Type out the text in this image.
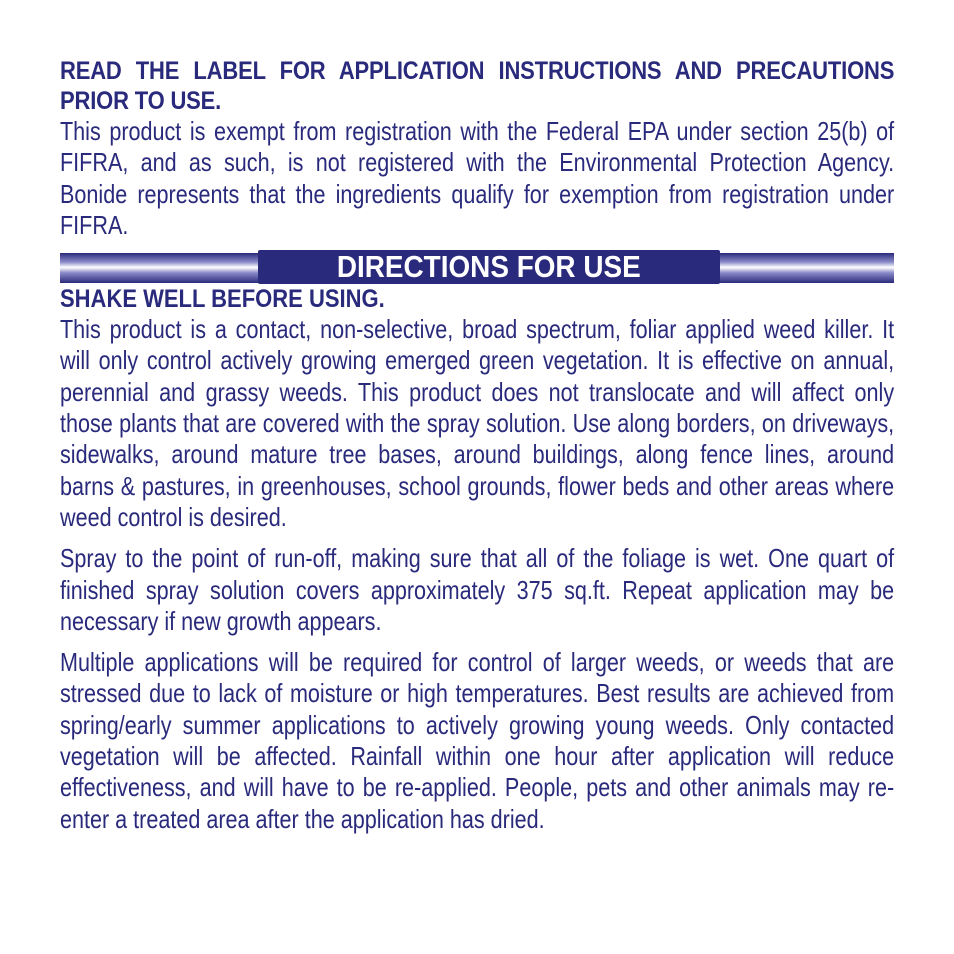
READ THE LABEL FOR APPLICATION INSTRUCTIONS AND PRECAUTIONS PRIOR TO USE.

This product is exempt from registration with the Federal EPA under section 25(b) of FIFRA, and as such, is not registered with the Environmental Protection Agency. Bonide represents that the ingredients qualify for exemption from registration under FIFRA.

DIRECTIONS FOR USE
SHAKE WELL BEFORE USING.

This product is a contact, non-selective, broad spectrum, foliar applied weed killer. It will only control actively growing emerged green vegetation. It is effective on annual, perennial and grassy weeds. This product does not translocate and will affect only those plants that are covered with the spray solution. Use along borders, on driveways, sidewalks, around mature tree bases, around buildings, along fence lines, around barns & pastures, in greenhouses, school grounds, flower beds and other areas where weed control is desired.

Spray to the point of run-off, making sure that all of the foliage is wet. One quart of finished spray solution covers approximately 375 sq.ft. Repeat application may be necessary if new growth appears.

Multiple applications will be required for control of larger weeds, or weeds that are stressed due to lack of moisture or high temperatures. Best results are achieved from spring/early summer applications to actively growing young weeds. Only contacted vegetation will be affected. Rainfall within one hour after application will reduce effectiveness, and will have to be re-applied. People, pets and other animals may re-enter a treated area after the application has dried.
